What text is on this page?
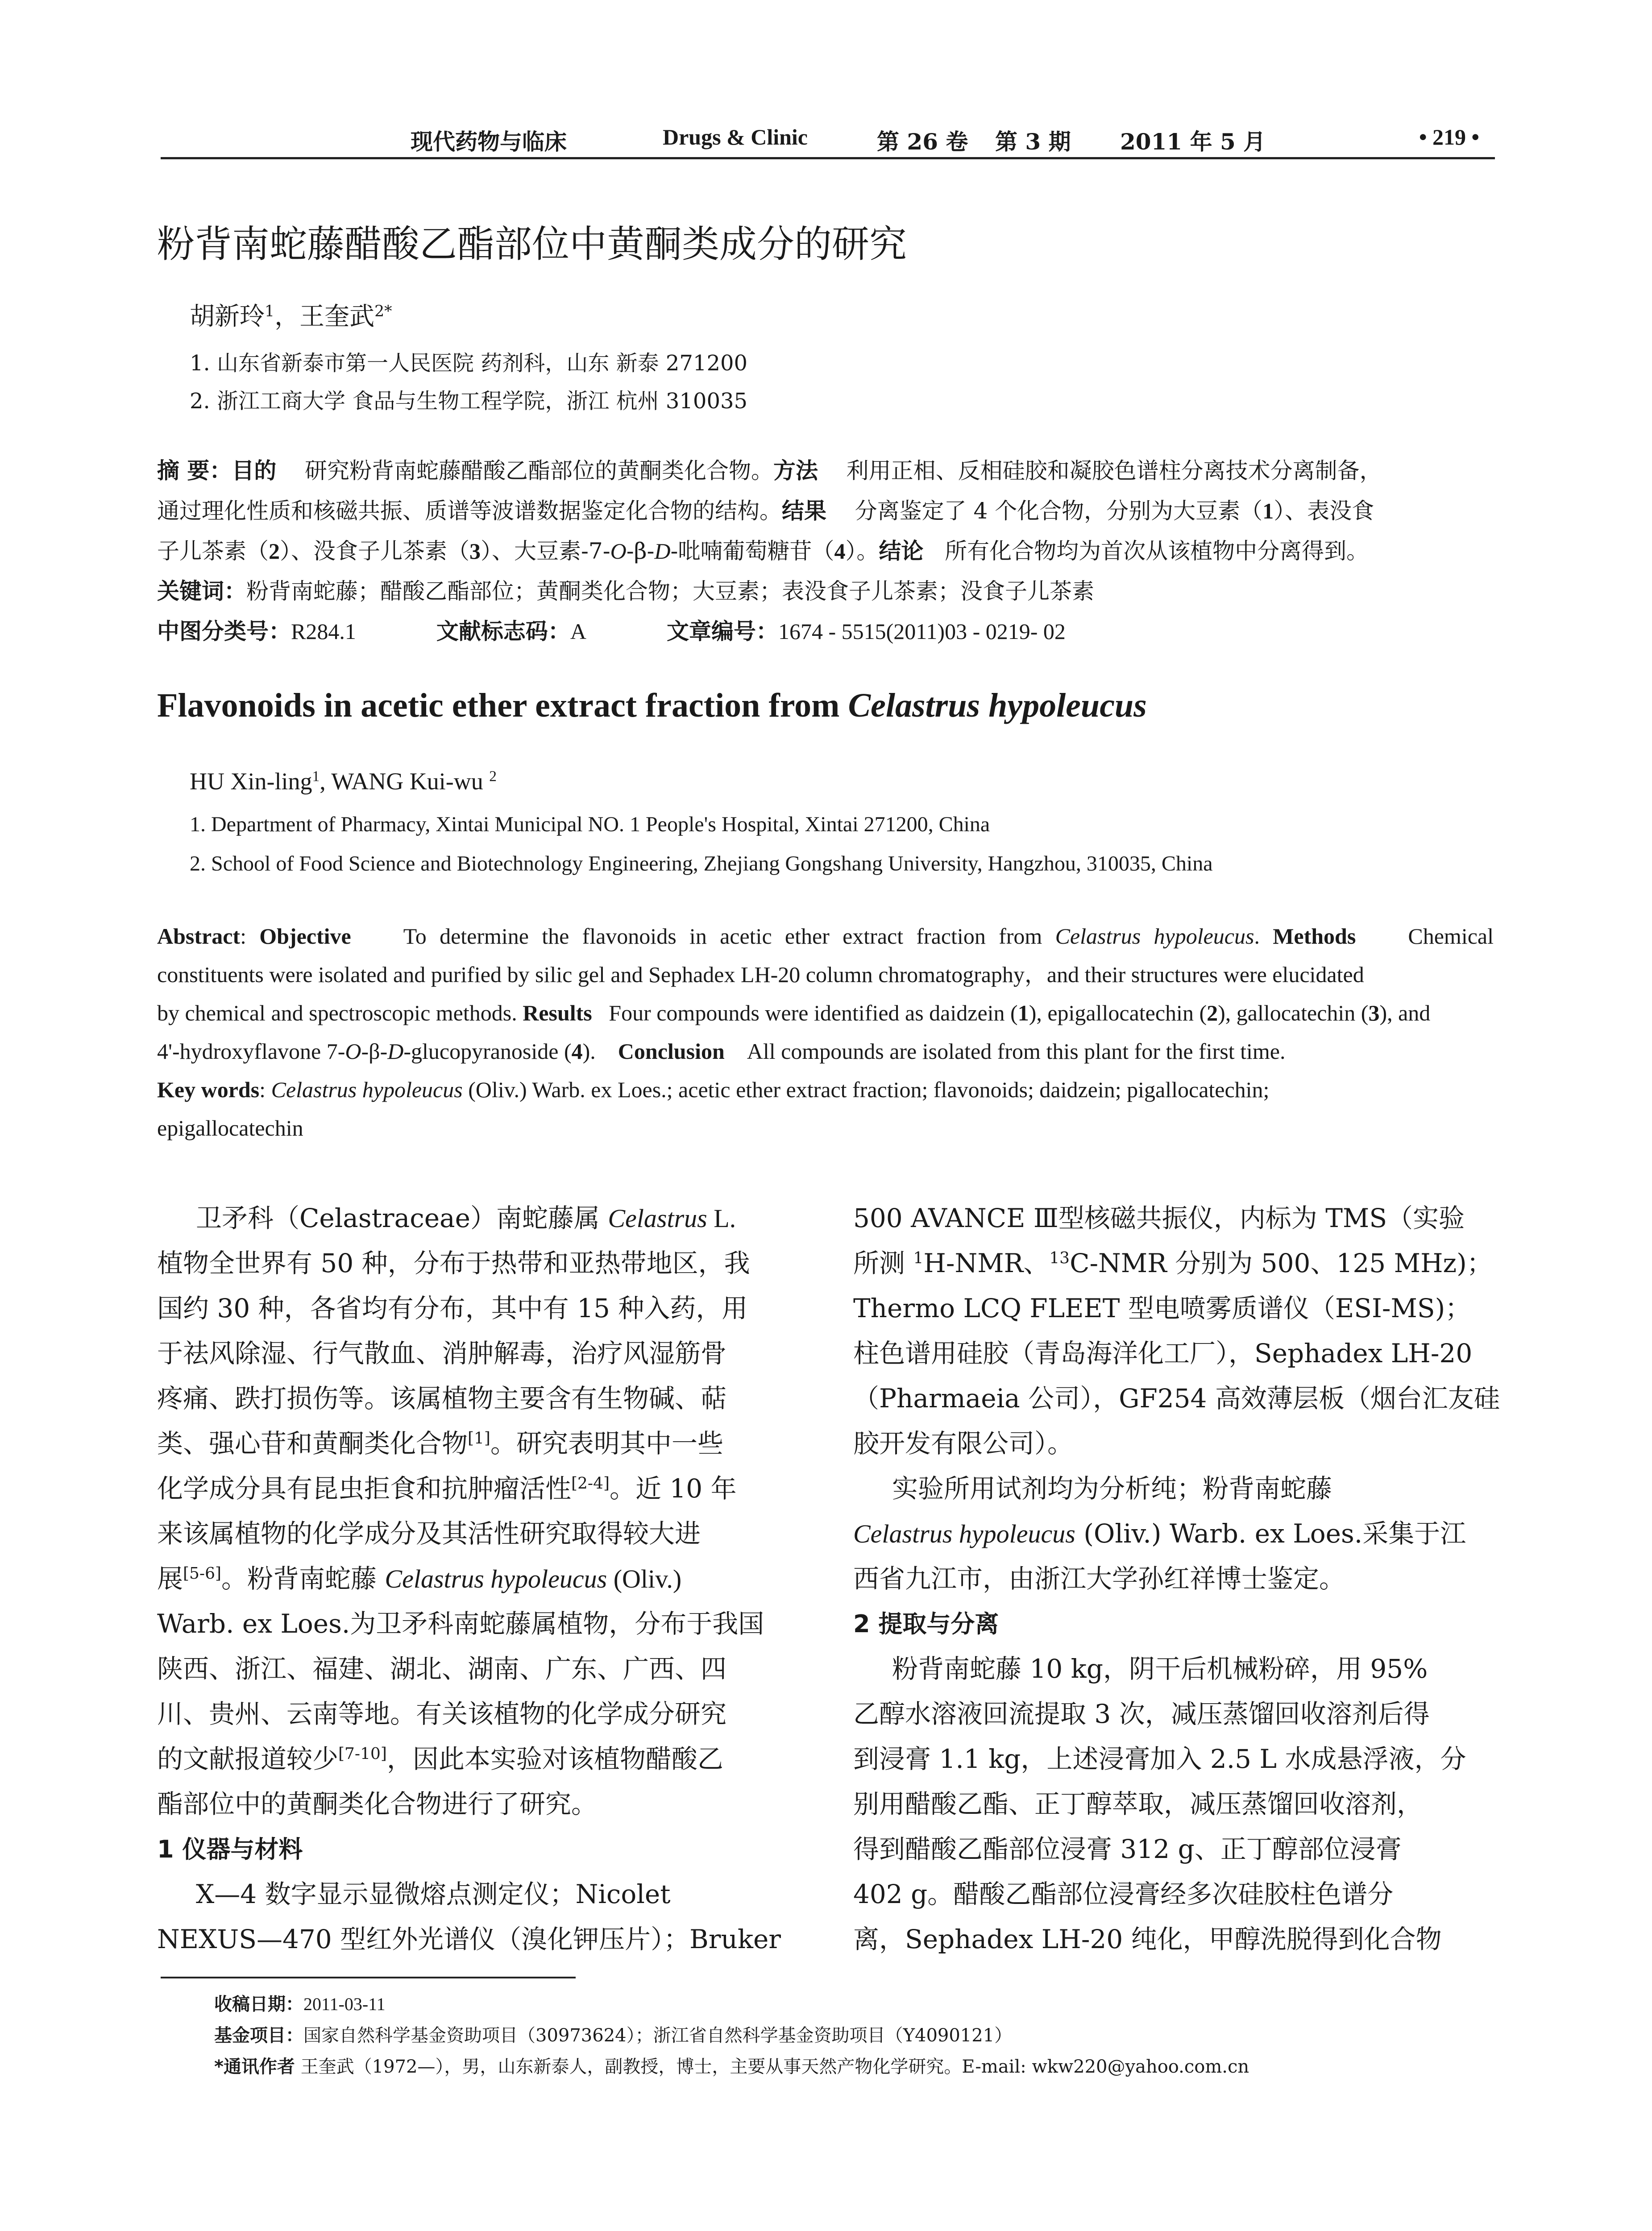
现代药物与临床	Drugs & Clinic	第 26 卷 第 3 期 2011 年 5 月	• 219 •
粉背南蛇藤醋酸乙酯部位中黄酮类成分的研究
胡新玲$^1$，王奎武$^{2*}$
1. 山东省新泰市第一人民医院 药剂科，山东 新泰 271200
2. 浙江工商大学 食品与生物工程学院，浙江 杭州 310035

摘 要：目的 研究粉背南蛇藤醋酸乙酯部位的黄酮类化合物。方法 利用正相、反相硅胶和凝胶色谱柱分离技术分离制备，

通过理化性质和核磁共振、质谱等波谱数据鉴定化合物的结构。结果 分离鉴定了 4 个化合物，分别为大豆素（1）、表没食

子儿茶素（2）、没食子儿茶素（3）、大豆素-7-O-β-D-吡喃葡萄糖苷（4）。结论 所有化合物均为首次从该植物中分离得到。

关键词：粉背南蛇藤；醋酸乙酯部位；黄酮类化合物；大豆素；表没食子儿茶素；没食子儿茶素

中图分类号：R284.1	文献标志码：A	文章编号：1674 - 5515(2011)03 - 0219- 02

Flavonoids in acetic ether extract fraction from Celastrus hypoleucus
HU Xin-ling$^1$, WANG Kui-wu $^2$
1. Department of Pharmacy, Xintai Municipal NO. 1 People's Hospital, Xintai 271200, China
2. School of Food Science and Biotechnology Engineering, Zhejiang Gongshang University, Hangzhou, 310035, China

Abstract: Objective To determine the flavonoids in acetic ether extract fraction from Celastrus hypoleucus. Methods Chemical

constituents were isolated and purified by silic gel and Sephadex LH-20 column chromatography，and their structures were elucidated

by chemical and spectroscopic methods. Results Four compounds were identified as daidzein (1), epigallocatechin (2), gallocatechin (3), and

4'-hydroxyflavone 7-O-β-D-glucopyranoside (4). Conclusion All compounds are isolated from this plant for the first time.

Key words: Celastrus hypoleucus (Oliv.) Warb. ex Loes.; acetic ether extract fraction; flavonoids; daidzein; pigallocatechin;

epigallocatechin

  卫矛科（Celastraceae）南蛇藤属 Celastrus L.

植物全世界有 50 种，分布于热带和亚热带地区，我

国约 30 种，各省均有分布，其中有 15 种入药，用

于祛风除湿、行气散血、消肿解毒，治疗风湿筋骨

疼痛、跌打损伤等。该属植物主要含有生物碱、萜

类、强心苷和黄酮类化合物[1]。研究表明其中一些

化学成分具有昆虫拒食和抗肿瘤活性[2-4]。近 10 年

来该属植物的化学成分及其活性研究取得较大进

展[5-6]。粉背南蛇藤 Celastrus hypoleucus (Oliv.)

Warb. ex Loes.为卫矛科南蛇藤属植物，分布于我国

陕西、浙江、福建、湖北、湖南、广东、广西、四

川、贵州、云南等地。有关该植物的化学成分研究

的文献报道较少[7-10]，因此本实验对该植物醋酸乙

酯部位中的黄酮类化合物进行了研究。

1 仪器与材料

  X—4 数字显示显微熔点测定仪；Nicolet

NEXUS—470 型红外光谱仪（溴化钾压片）；Bruker

500 AVANCE Ⅲ型核磁共振仪，内标为 TMS（实验

所测 $^1$H-NMR、$^{13}$C-NMR 分别为 500、125 MHz)；

Thermo LCQ FLEET 型电喷雾质谱仪（ESI-MS)；

柱色谱用硅胶（青岛海洋化工厂），Sephadex LH-20

（Pharmaeia 公司），GF254 高效薄层板（烟台汇友硅

胶开发有限公司）。

  实验所用试剂均为分析纯；粉背南蛇藤

Celastrus hypoleucus (Oliv.) Warb. ex Loes.采集于江

西省九江市，由浙江大学孙红祥博士鉴定。

2 提取与分离

  粉背南蛇藤 10 kg，阴干后机械粉碎，用 95%

乙醇水溶液回流提取 3 次，减压蒸馏回收溶剂后得

到浸膏 1.1 kg，上述浸膏加入 2.5 L 水成悬浮液，分

别用醋酸乙酯、正丁醇萃取，减压蒸馏回收溶剂，

得到醋酸乙酯部位浸膏 312 g、正丁醇部位浸膏

402 g。醋酸乙酯部位浸膏经多次硅胶柱色谱分

离，Sephadex LH-20 纯化，甲醇洗脱得到化合物

收稿日期：2011-03-11
基金项目：国家自然科学基金资助项目（30973624）；浙江省自然科学基金资助项目（Y4090121）
*通讯作者 王奎武（1972—），男，山东新泰人，副教授，博士，主要从事天然产物化学研究。E-mail: wkw220@yahoo.com.cn
